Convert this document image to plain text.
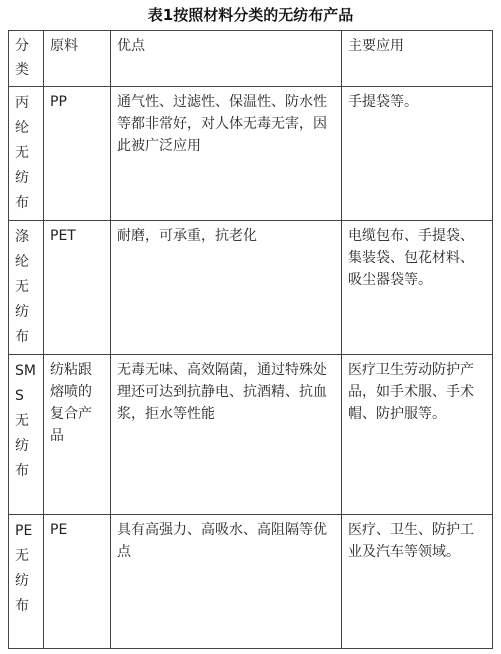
表1按照材料分类的无纺布产品
分类	原料	优点	主要应用
丙纶无纺布	PP	通气性、过滤性、保温性、防水性等都非常好，对人体无毒无害，因此被广泛应用	手提袋等。
涤纶无纺布	PET	耐磨，可承重，抗老化	电缆包布、手提袋、集装袋、包花材料、吸尘器袋等。
SMS无纺布	纺粘跟熔喷的复合产品	无毒无味、高效隔菌，通过特殊处理还可达到抗静电、抗酒精、抗血浆，拒水等性能	医疗卫生劳动防护产品，如手术服、手术帽、防护服等。
PE无纺布	PE	具有高强力、高吸水、高阻隔等优点	医疗、卫生、防护工业及汽车等领域。
